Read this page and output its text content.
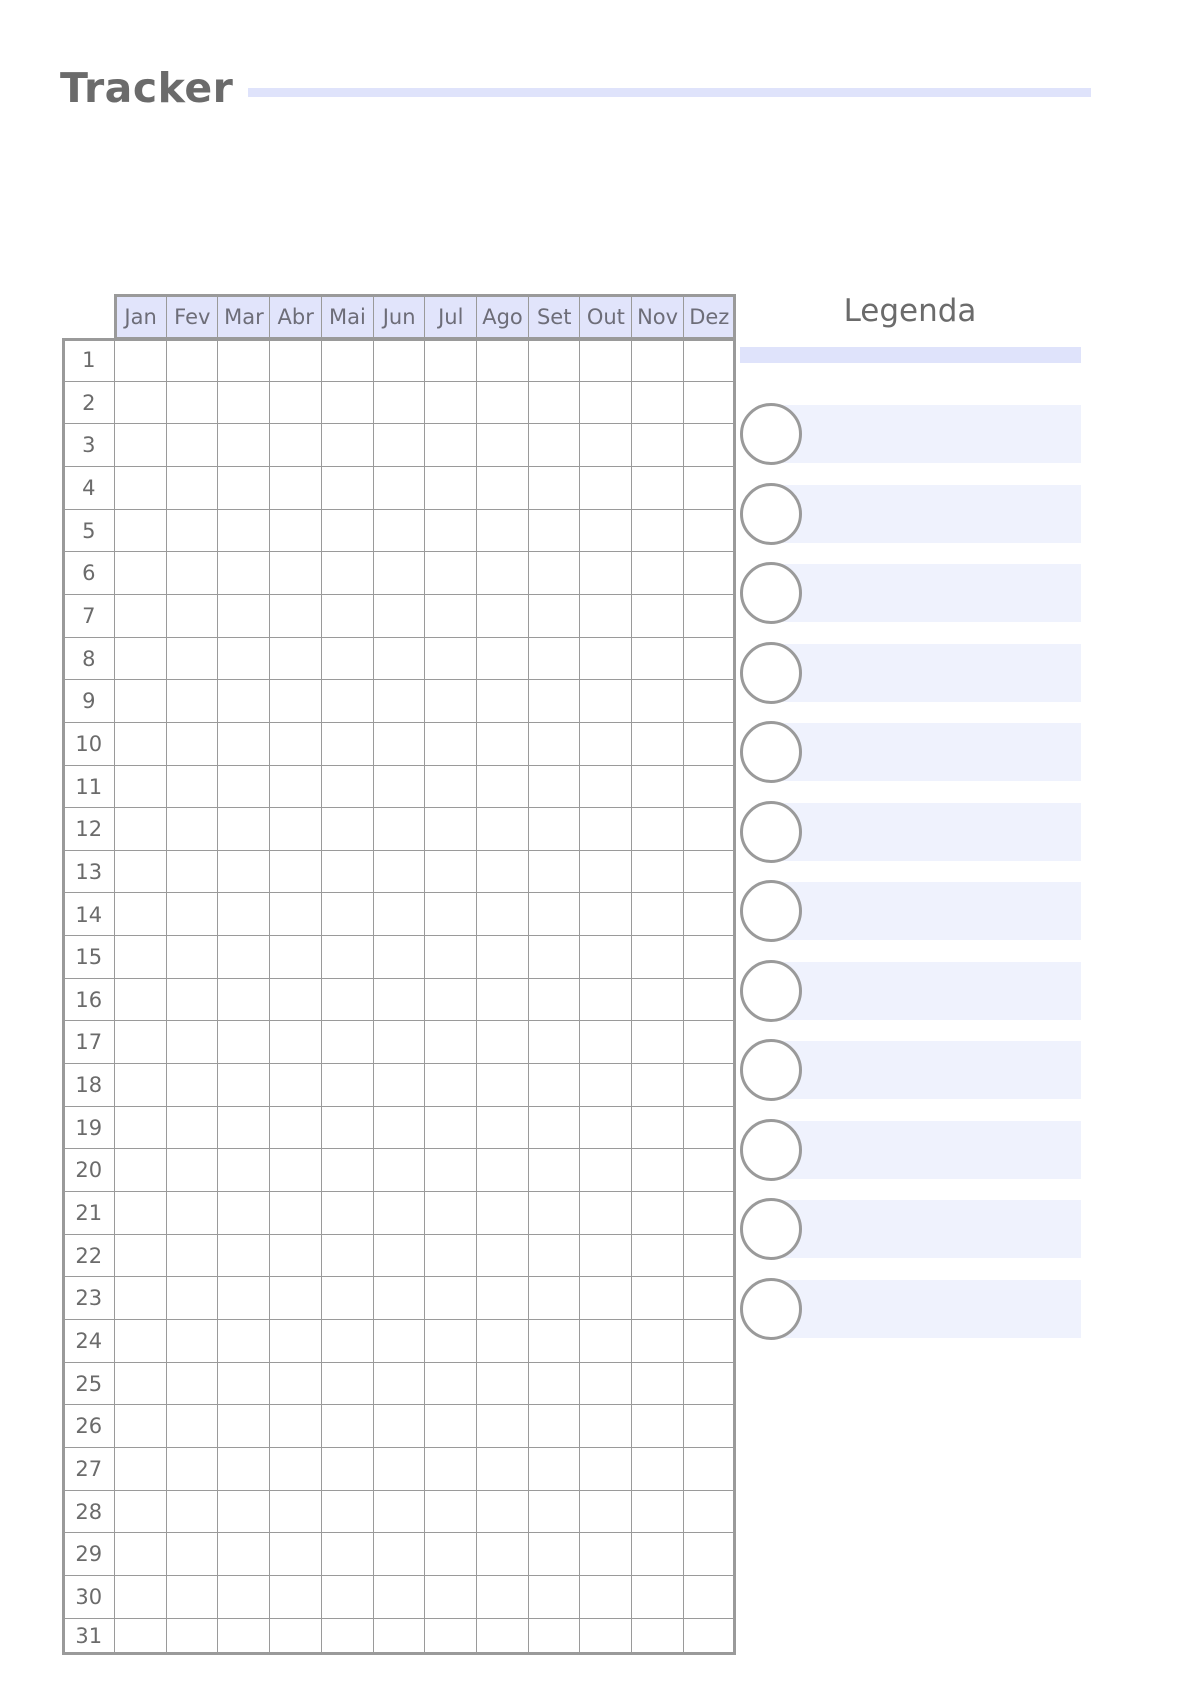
Tracker
Jan Fev Mar Abr Mai Jun	Jul Ago Set Out Nov Dez
1
2
3
4
5
6
7
8
9
10
11
12
13
14
15
16
17
18
19
20
21
22
23
24
25
26
27
28
29
30
31
Legenda
